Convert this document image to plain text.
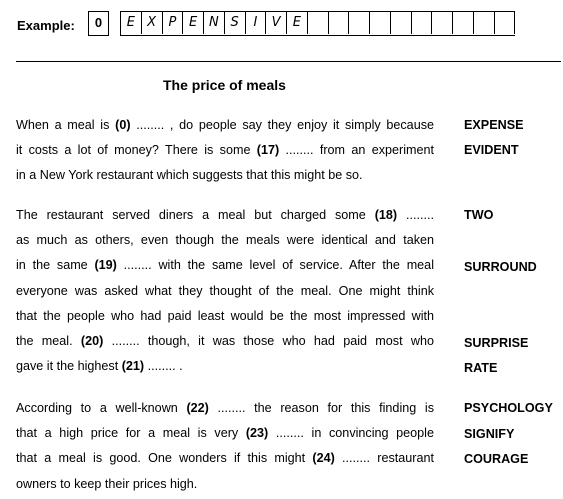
Example:	0	E X P E N S	I	V E
The price of meals
When a meal is (0) ........ , do people say they enjoy it simply because
it costs a lot of money? There is some (17) ........ from an experiment
in a New York restaurant which suggests that this might be so.
The restaurant served diners a meal but charged some (18) ........
as much as others, even though the meals were identical and taken
in the same (19) ........ with the same level of service. After the meal
everyone was asked what they thought of the meal. One might think
that the people who had paid least would be the most impressed with
the meal. (20) ........ though, it was those who had paid most who
gave it the highest (21) ........ .
According to a well-known (22) ........ the reason for this finding is
that a high price for a meal is very (23) ........ in convincing people
that a meal is good. One wonders if this might (24) ........ restaurant
owners to keep their prices high.
EXPENSE
EVIDENT
TWO
SURROUND
SURPRISE
RATE
PSYCHOLOGY
SIGNIFY
COURAGE
